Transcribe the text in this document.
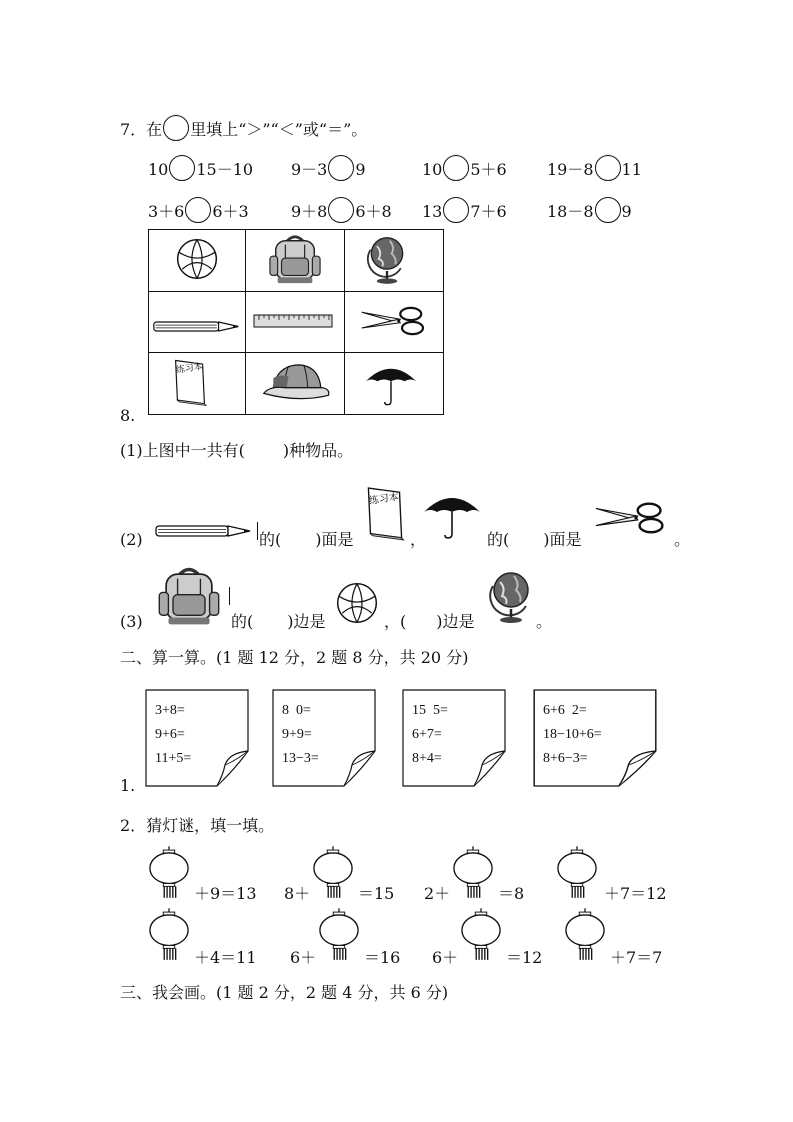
7．在 里填上“＞”“＜”或“＝”。
10 15－10 9－3 9	10 5＋6	19－8 11
3＋6 6＋3	9＋8 6＋8 13 7＋6	18－8 9
8.
练习本
(1)上图中一共有( )种物品。
(2)	的( )面是
练习本
，	的( )面是	。
(3)	的( )边是	，( )边是	。
二、算一算。(1 题 12 分，2 题 8 分，共 20 分)
1.
3+8=
9+6=
11+5=
8  0=
9+9=
13−3=
15  5=
6+7=
8+4=
6+6  2=
18−10+6=
8+6−3=
2．猜灯谜，填一填。
＋9＝13 8＋	＝15 2＋	＝8	＋7＝12
＋4＝11 6＋	＝16 6＋	＝12	＋7＝7
三、我会画。(1 题 2 分，2 题 4 分，共 6 分)
